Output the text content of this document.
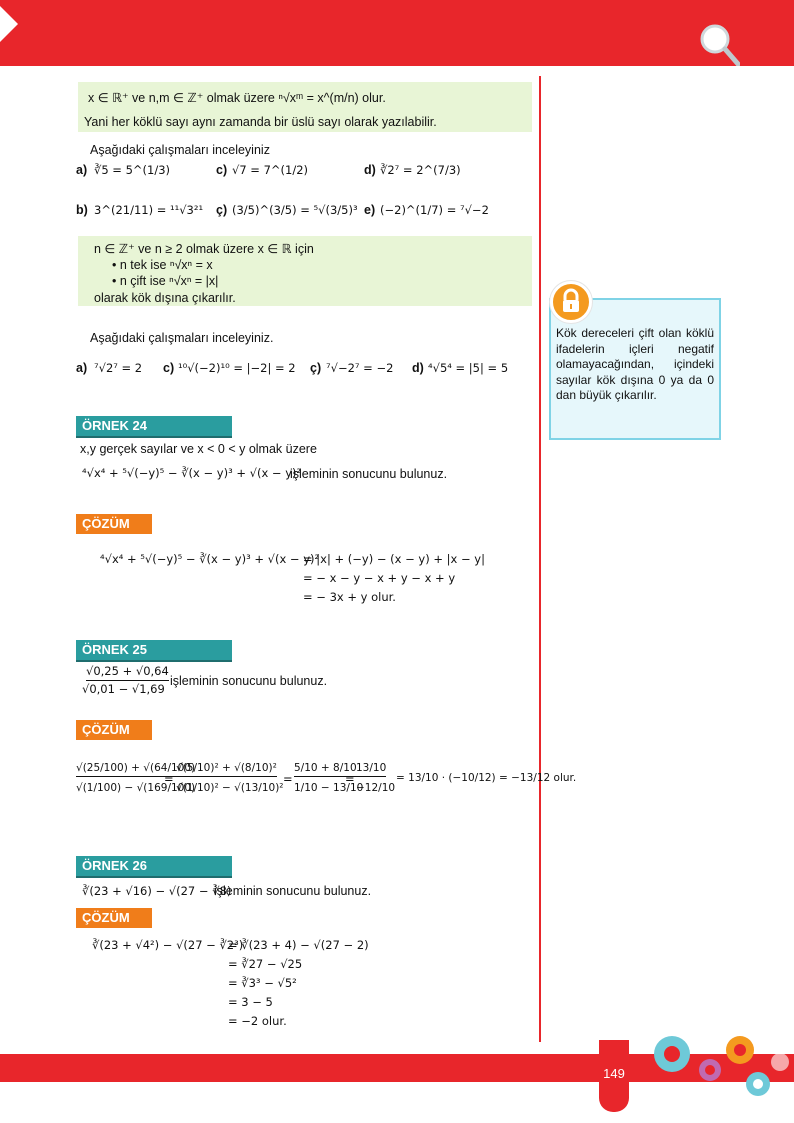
x ∈ ℝ⁺ ve n,m ∈ ℤ⁺ olmak üzere ⁿ√xᵐ = x^(m/n) olur.
Yani her köklü sayı aynı zamanda bir üslü sayı olarak yazılabilir.
Aşağıdaki çalışmaları inceleyiniz
a) ∛5 = 5^(1/3)	c) √7 = 7^(1/2)	d) ∛2⁷ = 2^(7/3)
b) 3^(21/11) = ¹¹√3²¹ ç) (3/5)^(3/5) = ⁵√(3/5)³ e) (−2)^(1/7) = ⁷√−2
n ∈ ℤ⁺ ve n ≥ 2 olmak üzere x ∈ ℝ için
• n tek ise ⁿ√xⁿ = x
• n çift ise ⁿ√xⁿ = |x|
olarak kök dışına çıkarılır.
Aşağıdaki çalışmaları inceleyiniz.
a) ⁷√2⁷ = 2 c) ¹⁰√(−2)¹⁰ = |−2| = 2 ç) ⁷√−2⁷ = −2 d) ⁴√5⁴ = |5| = 5
Kök dereceleri çift olan köklü ifadelerin içleri negatif olamayacağından, içindeki sayılar kök dışına 0 ya da 0 dan büyük çıkarılır.
ÖRNEK 24
x,y gerçek sayılar ve x < 0 < y olmak üzere
⁴√x⁴ + ⁵√(−y)⁵ − ∛(x − y)³ + √(x − y)²
işleminin sonucunu bulunuz.
ÇÖZÜM
⁴√x⁴ + ⁵√(−y)⁵ − ∛(x − y)³ + √(x − y)²
= |x| + (−y) − (x − y) + |x − y|
= − x − y − x + y − x + y
= − 3x + y olur.
ÖRNEK 25
√0,25 + √0,64
√0,01 − √1,69
işleminin sonucunu bulunuz.
ÇÖZÜM
√(25/100) + √(64/100)
√(1/100) − √(169/100)
=
√(5/10)² + √(8/10)²
√(1/10)² − √(13/10)²
=
5/10 + 8/10
1/10 − 13/10
=
13/10
−12/10
= 13/10 · (−10/12) = −13/12 olur.
ÖRNEK 26
∛(23 + √16) − √(27 − ∛8)
işleminin sonucunu bulunuz.
ÇÖZÜM
∛(23 + √4²) − √(27 − ∛2³)
= ∛(23 + 4) − √(27 − 2)
= ∛27 − √25
= ∛3³ − √5²
= 3 − 5
= −2 olur.
149
